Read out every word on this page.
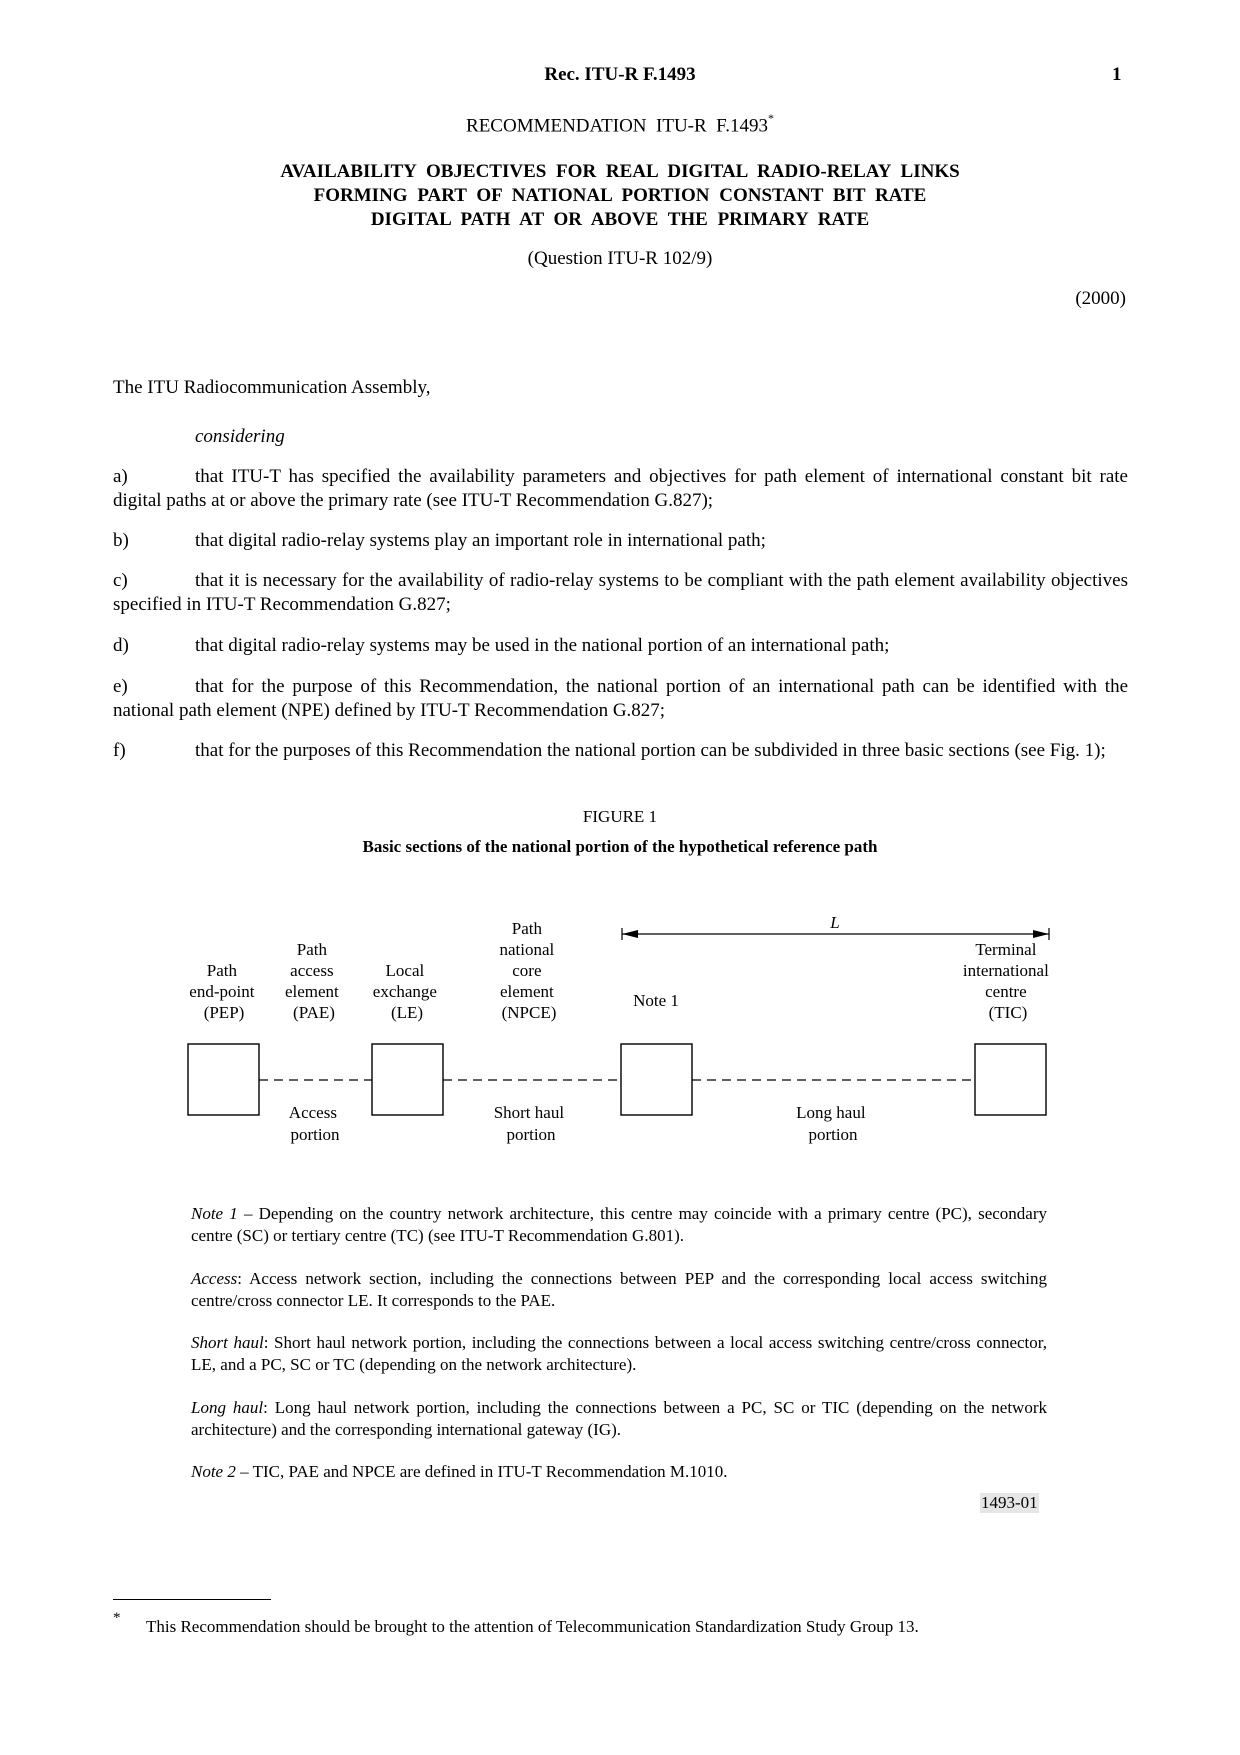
Rec. ITU-R F.1493	1
RECOMMENDATION  ITU-R  F.1493*
AVAILABILITY OBJECTIVES FOR REAL DIGITAL RADIO-RELAY LINKS
FORMING PART OF NATIONAL PORTION CONSTANT BIT RATE
DIGITAL PATH AT OR ABOVE THE PRIMARY RATE
(Question ITU-R 102/9)
(2000)
The ITU Radiocommunication Assembly,
considering
a)	that ITU-T has specified the availability parameters and objectives for path element of international constant bit rate digital paths at or above the primary rate (see ITU-T Recommendation G.827);
b)	that digital radio-relay systems play an important role in international path;
c)	that it is necessary for the availability of radio-relay systems to be compliant with the path element availability objectives specified in ITU-T Recommendation G.827;
d)	that digital radio-relay systems may be used in the national portion of an international path;
e)	that for the purpose of this Recommendation, the national portion of an international path can be identified with the national path element (NPE) defined by ITU-T Recommendation G.827;
f)	that for the purposes of this Recommendation the national portion can be subdivided in three basic sections (see Fig. 1);
FIGURE 1
Basic sections of the national portion of the hypothetical reference path
L
Path end-point (PEP)
Path access element (PAE)
Local exchange (LE)
Path national core element (NPCE)
Note 1
Terminal international centre (TIC)
Access portion
Short haul portion
Long haul portion
Note 1 – Depending on the country network architecture, this centre may coincide with a primary centre (PC), secondary centre (SC) or tertiary centre (TC) (see ITU-T Recommendation G.801).
Access: Access network section, including the connections between PEP and the corresponding local access switching centre/cross connector LE. It corresponds to the PAE.
Short haul: Short haul network portion, including the connections between a local access switching centre/cross connector, LE, and a PC, SC or TC (depending on the network architecture).
Long haul: Long haul network portion, including the connections between a PC, SC or TIC (depending on the network architecture) and the corresponding international gateway (IG).
Note 2 – TIC, PAE and NPCE are defined in ITU-T Recommendation M.1010.
1493-01
* This Recommendation should be brought to the attention of Telecommunication Standardization Study Group 13.
